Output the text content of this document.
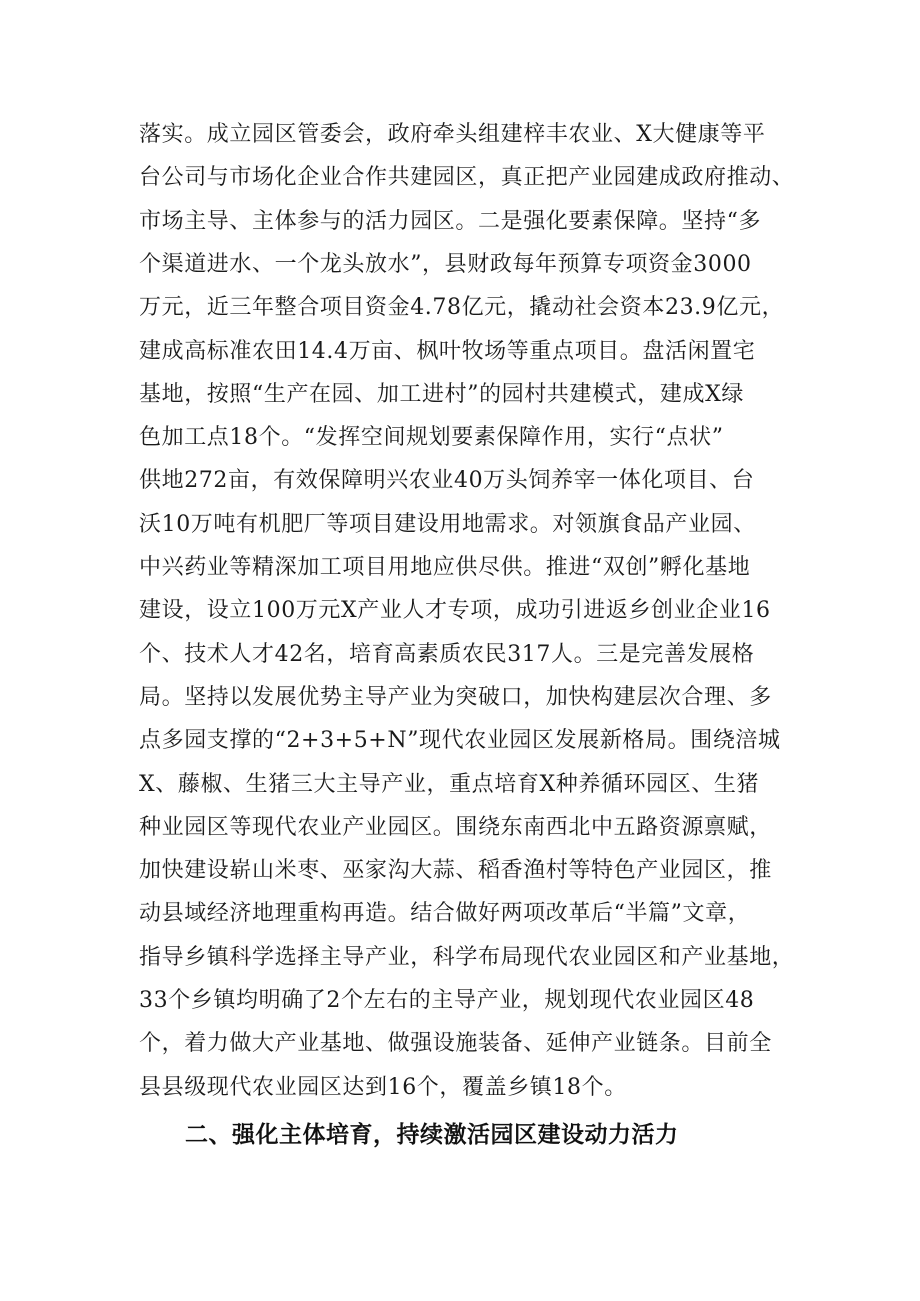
落实。成立园区管委会，政府牵头组建梓丰农业、X大健康等平
台公司与市场化企业合作共建园区，真正把产业园建成政府推动、
市场主导、主体参与的活力园区。二是强化要素保障。坚持“多
个渠道进水、一个龙头放水”，县财政每年预算专项资金3000
万元，近三年整合项目资金4.78亿元，撬动社会资本23.9亿元，
建成高标准农田14.4万亩、枫叶牧场等重点项目。盘活闲置宅
基地，按照“生产在园、加工进村”的园村共建模式，建成X绿
色加工点18个。“发挥空间规划要素保障作用，实行“点状”
供地272亩，有效保障明兴农业40万头饲养宰一体化项目、台
沃10万吨有机肥厂等项目建设用地需求。对领旗食品产业园、
中兴药业等精深加工项目用地应供尽供。推进“双创”孵化基地
建设，设立100万元X产业人才专项，成功引进返乡创业企业16
个、技术人才42名，培育高素质农民317人。三是完善发展格
局。坚持以发展优势主导产业为突破口，加快构建层次合理、多
点多园支撑的“2+3+5+N”现代农业园区发展新格局。围绕涪城
X、藤椒、生猪三大主导产业，重点培育X种养循环园区、生猪
种业园区等现代农业产业园区。围绕东南西北中五路资源禀赋，
加快建设崭山米枣、巫家沟大蒜、稻香渔村等特色产业园区，推
动县域经济地理重构再造。结合做好两项改革后“半篇”文章，
指导乡镇科学选择主导产业，科学布局现代农业园区和产业基地，
33个乡镇均明确了2个左右的主导产业，规划现代农业园区48
个，着力做大产业基地、做强设施装备、延伸产业链条。目前全
县县级现代农业园区达到16个，覆盖乡镇18个。
二、强化主体培育，持续激活园区建设动力活力
